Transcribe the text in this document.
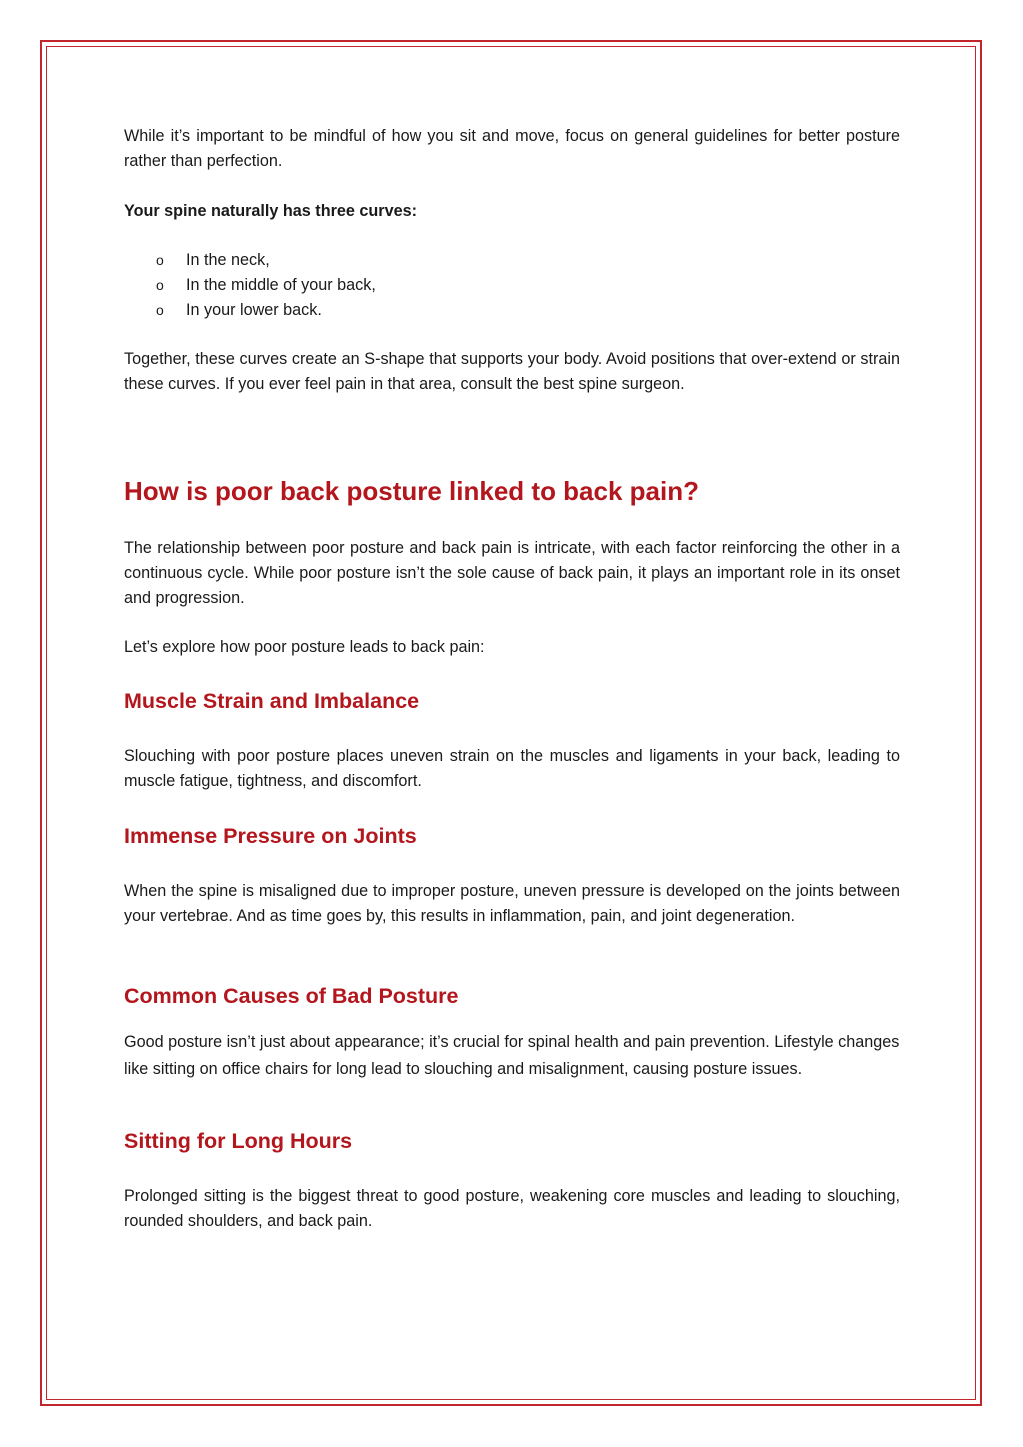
While it’s important to be mindful of how you sit and move, focus on general guidelines for better posture rather than perfection.

Your spine naturally has three curves:

o In the neck,
o In the middle of your back,
o In your lower back.

Together, these curves create an S-shape that supports your body. Avoid positions that over-extend or strain these curves. If you ever feel pain in that area, consult the best spine surgeon.

How is poor back posture linked to back pain?

The relationship between poor posture and back pain is intricate, with each factor reinforcing the other in a continuous cycle. While poor posture isn’t the sole cause of back pain, it plays an important role in its onset and progression.

Let’s explore how poor posture leads to back pain:

Muscle Strain and Imbalance

Slouching with poor posture places uneven strain on the muscles and ligaments in your back, leading to muscle fatigue, tightness, and discomfort.

Immense Pressure on Joints

When the spine is misaligned due to improper posture, uneven pressure is developed on the joints between your vertebrae. And as time goes by, this results in inflammation, pain, and joint degeneration.

Common Causes of Bad Posture

Good posture isn’t just about appearance; it’s crucial for spinal health and pain prevention. Lifestyle changes like sitting on office chairs for long lead to slouching and misalignment, causing posture issues.

Sitting for Long Hours

Prolonged sitting is the biggest threat to good posture, weakening core muscles and leading to slouching, rounded shoulders, and back pain.
